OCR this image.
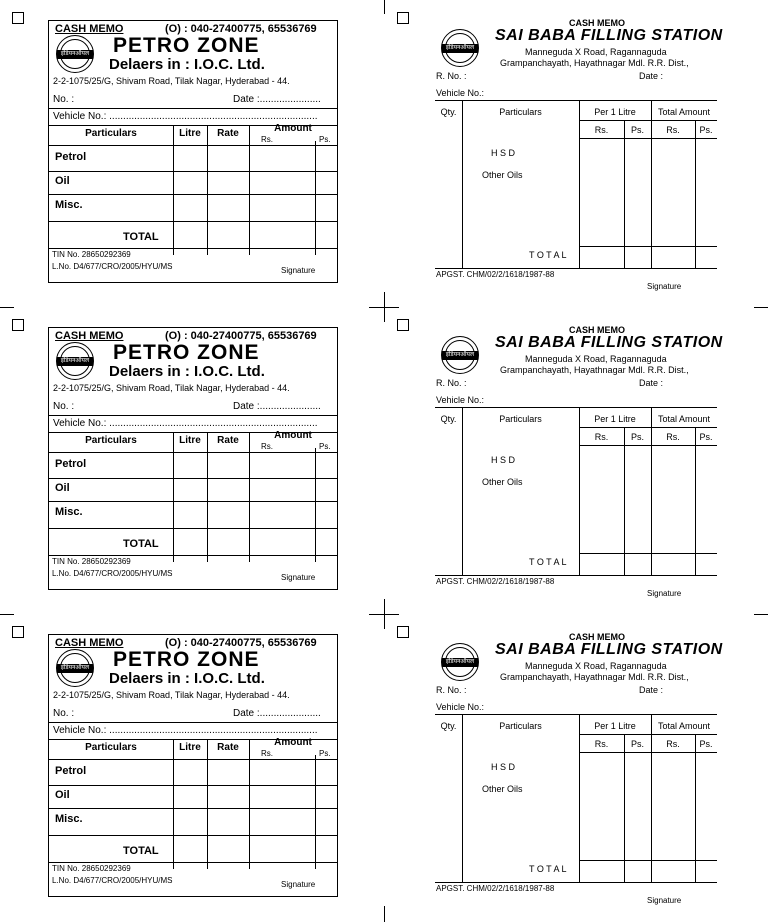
CASH MEMO	(O) : 040-27400775, 65536769
इंडियनऑयल PETRO ZONE
Delaers in : I.O.C. Ltd.
2-2-1075/25/G, Shivam Road, Tilak Nagar, Hyderabad - 44.
No. :	Date :......................
Vehicle No.: ...........................................................................
Particulars	Litre	Rate	Amount
Rs.	Ps.
Petrol
Oil
Misc.
TOTAL
TIN No. 28650292369
L.No. D4/677/CRO/2005/HYU/MS	Signature
CASH MEMO
इंडियनऑयल
SAI BABA FILLING STATION
Manneguda X Road, Ragannaguda
Grampanchayath, Hayathnagar Mdl. R.R. Dist.,
R. No. :	Date :
Vehicle No.:
Qty.	Particulars	Per 1 Litre	Total Amount
Rs.	Ps.	Rs.	Ps.
H S D
Other Oils
T O T A L
APGST. CHM/02/2/1618/1987-88
Signature
CASH MEMO	(O) : 040-27400775, 65536769
इंडियनऑयल PETRO ZONE
Delaers in : I.O.C. Ltd.
2-2-1075/25/G, Shivam Road, Tilak Nagar, Hyderabad - 44.
No. :	Date :......................
Vehicle No.: ...........................................................................
Particulars	Litre	Rate	Amount
Rs.	Ps.
Petrol
Oil
Misc.
TOTAL
TIN No. 28650292369
L.No. D4/677/CRO/2005/HYU/MS	Signature
CASH MEMO
इंडियनऑयल
SAI BABA FILLING STATION
Manneguda X Road, Ragannaguda
Grampanchayath, Hayathnagar Mdl. R.R. Dist.,
R. No. :	Date :
Vehicle No.:
Qty.	Particulars	Per 1 Litre	Total Amount
Rs.	Ps.	Rs.	Ps.
H S D
Other Oils
T O T A L
APGST. CHM/02/2/1618/1987-88
Signature
CASH MEMO	(O) : 040-27400775, 65536769
इंडियनऑयल PETRO ZONE
Delaers in : I.O.C. Ltd.
2-2-1075/25/G, Shivam Road, Tilak Nagar, Hyderabad - 44.
No. :	Date :......................
Vehicle No.: ...........................................................................
Particulars	Litre	Rate	Amount
Rs.	Ps.
Petrol
Oil
Misc.
TOTAL
TIN No. 28650292369
L.No. D4/677/CRO/2005/HYU/MS	Signature
CASH MEMO
इंडियनऑयल
SAI BABA FILLING STATION
Manneguda X Road, Ragannaguda
Grampanchayath, Hayathnagar Mdl. R.R. Dist.,
R. No. :	Date :
Vehicle No.:
Qty.	Particulars	Per 1 Litre	Total Amount
Rs.	Ps.	Rs.	Ps.
H S D
Other Oils
T O T A L
APGST. CHM/02/2/1618/1987-88
Signature
